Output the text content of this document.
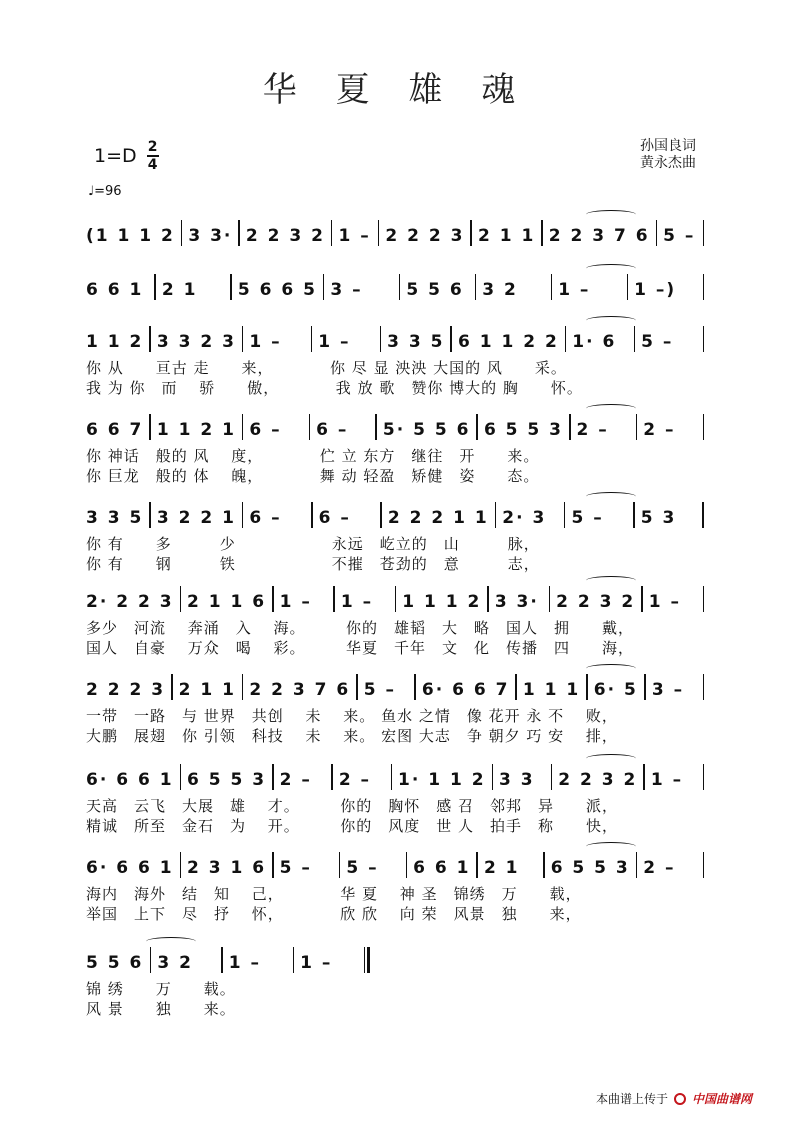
华 夏 雄 魂
1=D 2
4
孙国良词
黄永杰曲
♩=96
(1 1 1 2 3 3· 2 2 3 2 1 – 2 2 2 3 2 1 1 2 2 3 7 6 5 –
6 6 1 2 1	5 6 6 5 3 –	5 5 6 3 2	1 –	1 –)
1 1 2 3 3 2 3 1 –	1 –	3 3 5 6 1 1 2 2 1· 6	5 –
你 从　　亘古 走　　来，　　　　你 尽 显 泱泱 大国的 风　　采。
我 为 你　而　 骄　　傲，　　　　我 放 歌　赞你 博大的 胸　　怀。
6 6 7 1 1 2 1 6 –	6 –	5· 5 5 6 6 5 5 3 2 –	2 –
你 神话　般的 风　 度，　　　　伫 立 东方　继往　开　　来。
你 巨龙　般的 体　 魄，　　　　舞 动 轻盈　矫健　姿　　态。
3 3 5 3 2 2 1 6 –	6 –	2 2 2 1 1 2· 3	5 –	5 3
你 有　　多　　　少　　　　　　永远　屹立的　山　　　脉，
你 有　　钢　　　铁　　　　　　不摧　苍劲的　意　　　志，
2· 2 2 3 2 1 1 6 1 –	1 –	1 1 1 2 3 3· 2 2 3 2 1 –
多少　河流　 奔涌　入　 海。　　　你的　雄韬　大　略　国人　拥　　戴，
国人　自豪　 万众　喝　 彩。　　　华夏　千年　文　化　传播　四　　海，
2 2 2 3 2 1 1 2 2 3 7 6 5 –	6· 6 6 7 1 1 1 6· 5 3 –
一带　一路　与 世界　共创　 未　 来。 鱼水 之情　像 花开 永 不　 败，
大鹏　展翅　你 引领　科技　 未　 来。 宏图 大志　争 朝夕 巧 安　 排，
6· 6 6 1 6 5 5 3 2 –	2 –	1· 1 1 2 3 3	2 2 3 2 1 –
天高　云飞　大展　雄　 才。　　　你的　胸怀　感 召　邻邦　异　　派，
精诚　所至　金石　为　 开。　　　你的　风度　世 人　拍手　称　　快，
6· 6 6 1 2 3 1 6 5 –	5 –	6 6 1 2 1	6 5 5 3 2 –
海内　海外　结　知　 己，　　　　华 夏　 神 圣　锦绣　万　　载，
举国　上下　尽　抒　 怀，　　　　欣 欣　 向 荣　风景　独　　来，
5 5 6 3 2	1 –	1 –
锦 绣　　万　　载。
风 景　　独　　来。
本曲谱上传于 中国曲谱网
